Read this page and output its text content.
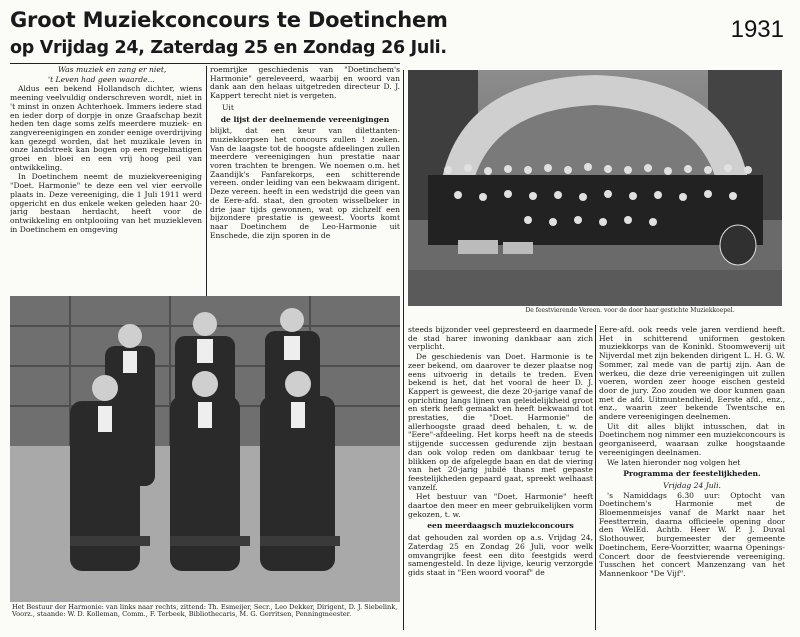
Groot Muziekconcours te Doetinchem
op Vrijdag 24, Zaterdag 25 en Zondag 26 Juli.
1931

Was muziek en zang er niet,

't Leven had geen waarde...

Aldus een bekend Hollandsch dichter, wiens meening veelvuldig onderschreven wordt, niet in 't minst in onzen Achterhoek. Immers iedere stad en ieder dorp of dorpje in onze Graafschap bezit heden ten dage soms zelfs meerdere muziek- en zangvereenigingen en zonder eenige overdrijving kan gezegd worden, dat het muzikale leven in onze landstreek kan bogen op een regelmatigen groei en bloei en een vrij hoog peil van ontwikkeling.

In Doetinchem neemt de muziekvereeniging "Doet. Harmonie" te deze een vel vier eervolle plaats in. Deze vereeniging, die 1 Juli 1911 werd opgericht en dus enkele weken geleden haar 20-jarig bestaan herdacht, heeft voor de ontwikkeling en ontplooiing van het muziekleven in Doetinchem en omgeving

roemrijke geschiedenis van "Doetinchem's Harmonie" gereleveerd, waarbij en woord van dank aan den helaas uitgetreden directeur D. J. Kappert terecht niet is vergeten.

Uit

de lijst der deelnemende vereenigingen

blijkt, dat een keur van dilettanten-muziekkorpsen het concours zullen ! zoeken. Van de laagste tot de hoogste afdeelingen zullen meerdere vereenigingen hun prestatie naar voren trachten te brengen. We noemen o.m. het Zaandijk's Fanfarekorps, een schitterende vereen. onder leiding van een bekwaam dirigent. Deze vereen. heeft in een wedstrijd die geen van de Eere-afd. staat, den grooten wisselbeker in drie jaar tijds gewonnen, wat op zichzelf een bijzondere prestatie is geweest. Voorts komt naar Doetinchem de Leo-Harmonie uit Enschede, die zijn sporen in de

De feestvierende Vereen. voor de door haar gestichte Muziekkoepel.
Het Bestuur der Harmonie: van links naar rechts, zittend: Th. Esmeijer, Secr., Leo Dekker, Dirigent, D. J. Siebelink, Voorz., staande: W. D. Kolleman, Comm., F. Terbeek, Bibliothecaris, M. G. Gerritsen, Penningmeester.

steeds bijzonder veel gepresteerd en daarmede de stad harer inwoning dankbaar aan zich verplicht.

De geschiedenis van Doet. Harmonie is te zeer bekend, om daarover te dezer plaatse nog eens uitvoerig in details te treden. Even bekend is het, dat het vooral de heer D. J. Kappert is geweest, die deze 20-jarige vanaf de oprichting langs lijnen van geleidelijkheid groot en sterk heeft gemaakt en heeft bekwaamd tot prestaties, die "Doet. Harmonie" de allerhoogste graad deed behalen, t. w. de "Eere"-afdeeling. Het korps heeft na de steeds stijgende successen gedurende zijn bestaan dan ook volop reden om dankbaar terug te blikken op de afgelegde baan en dat de viering van het 20-jarig jubilé thans met gepaste feestelijkheden gepaard gaat, spreekt welhaast vanzelf.

Het bestuur van "Doet. Harmonie" heeft daartoe den meer en meer gebruikelijken vorm gekozen, t. w.

een meerdaagsch muziekconcours

dat gehouden zal worden op a.s. Vrijdag 24, Zaterdag 25 en Zondag 26 Juli, voor welk omvangrijke feest een dito feestgids werd samengesteld. In deze lijvige, keurig verzorgde gids staat in "Een woord vooraf" de

Eere-afd. ook reeds vele jaren verdiend heeft. Het in schitterend uniformen gestoken muziekkorps van de Koninkl. Stoomweverij uit Nijverdal met zijn bekenden dirigent L. H. G. W. Sommer, zal mede van de partij zijn. Aan de werkeu, die deze drie vereenigingen uit zullen voeren, worden zeer hooge eischen gesteld door de jury. Zoo zouden we door kunnen gaan met de afd. Uitmuntendheid, Eerste afd., enz., enz., waarin zeer bekende Twentsche en andere vereenigingen deelnemen.

Uit dit alles blijkt intusschen, dat in Doetinchem nog nimmer een muziekconcours is georganiseerd, waaraan zulke hoogstaande vereenigingen deelnamen.

We laten hieronder nog volgen het

Programma der feestelijkheden.

Vrijdag 24 Juli.

's Namiddags 6.30 uur: Optocht van Doetinchem's Harmonie met de Bloemenmeisjes vanaf de Markt naar het Feestterrein, daarna officieele opening door den WelEd. Achtb. Heer W. P. J. Duval Slothouwer, burgemeester der gemeente Doetinchem, Eere-Voorzitter, waarna Openings-Concert door de feestvierende vereeniging. Tusschen het concert Manzenzang van het Mannenkoor "De Vijf".
